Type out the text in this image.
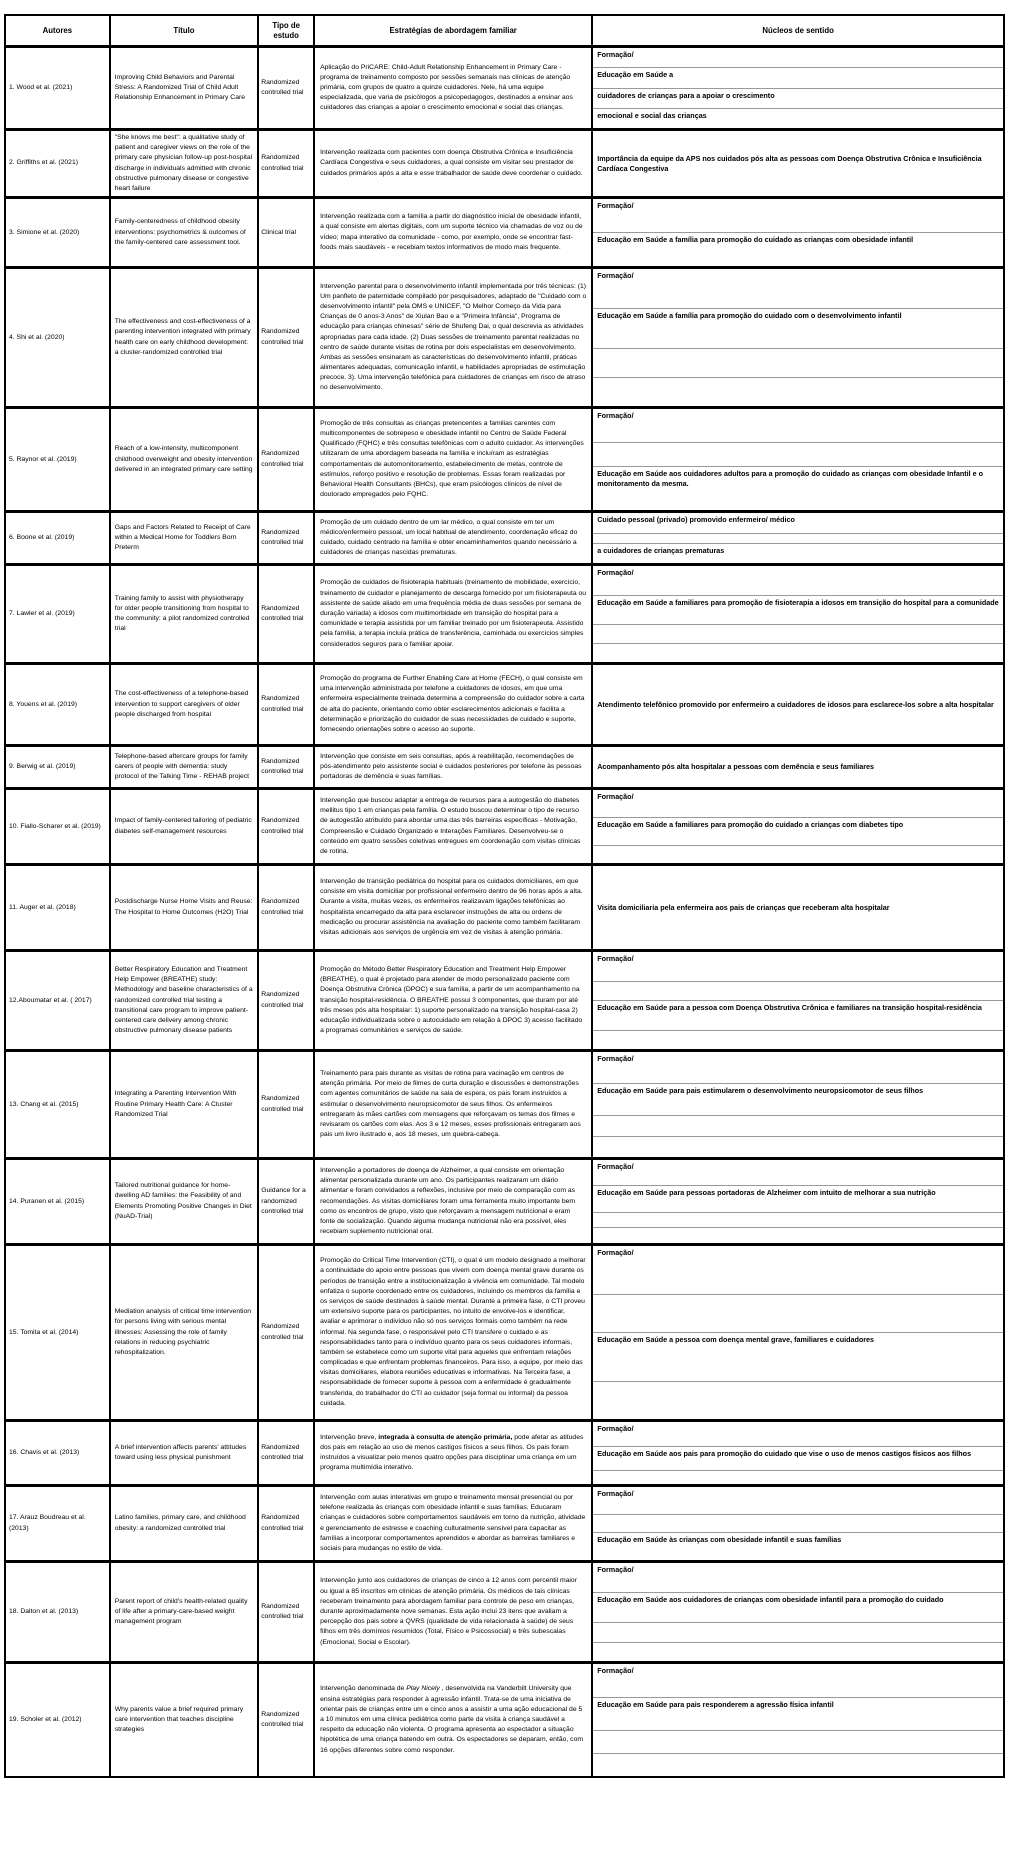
Autores	Título
Tipo de estudo
Estratégias de abordagem familiar	Núcleos de sentido
1. Wood et al. (2021)
Improving Child Behaviors and Parental Stress: A Randomized Trial of Child Adult Relationship Enhancement in Primary Care
Randomized controlled trial
Aplicação do PriCARE: Child-Adult Relationship Enhancement in Primary Care - programa de treinamento composto por sessões semanais nas clínicas de atenção primária, com grupos de quatro a quinze cuidadores. Nele, há uma equipe especializada, que varia de psicólogos a psicopedagogos, destinados a ensinar aos cuidadores das crianças a apoiar o crescimento emocional e social das crianças.
Formação/
Educação em Saúde a
cuidadores de crianças para a apoiar o crescimento
emocional e social das crianças
2. Griffiths et al. (2021)
"She knows me best": a qualitative study of patient and caregiver views on the role of the primary care physician follow-up post-hospital discharge in individuals admitted with chronic obstructive pulmonary disease or congestive heart failure
Randomized controlled trial
Intervenção realizada com pacientes com doença Obstrutiva Crônica e Insuficiência Cardíaca Congestiva e seus cuidadores, a qual consiste em visitar seu prestador de cuidados primários após a alta e esse trabalhador de saúde deve coordenar o cuidado.
Importância da equipe da APS nos cuidados pós alta as pessoas com Doença Obstrutiva Crônica e Insuficiência Cardíaca Congestiva
3. Simione et al. (2020)
Family-centeredness of childhood obesity interventions: psychometrics & outcomes of the family-centered care assessment tool.
Clinical trial
Intervenção realizada com a família a partir do diagnóstico inicial de obesidade infantil, a qual consiste em alertas digitais, com um suporte técnico via chamadas de voz ou de vídeo; mapa interativo da comunidade - como, por exemplo, onde se encontrar fast-foods mais saudáveis - e recebiam textos informativos de modo mais frequente.
Formação/
Educação em Saúde a família para promoção do cuidado as crianças com obesidade infantil
4. Shi et al. (2020)
The effectiveness and cost-effectiveness of a parenting intervention integrated with primary health care on early childhood development: a cluster-randomized controlled trial
Randomized controlled trial
Intervenção parental para o desenvolvimento infantil implementada por três técnicas: (1) Um panfleto de paternidade compilado por pesquisadores, adaptado de "Cuidado com o desenvolvimento infantil" pela OMS e UNICEF, "O Melhor Começo da Vida para Crianças de 0 anos-3 Anos" de Xiulan Bao e a "Primeira Infância", Programa de educação para crianças chinesas" série de Shufeng Dai, o qual descrevia as atividades apropriadas para cada idade. (2) Duas sessões de treinamento parental realizadas no centro de saúde durante visitas de rotina por dois especialistas em desenvolvimento. Ambas as sessões ensinaram as características do desenvolvimento infantil, práticas alimentares adequadas, comunicação infantil, e habilidades apropriadas de estimulação precoce. 3). Uma intervenção telefônica para cuidadores de crianças em risco de atraso no desenvolvimento.
Formação/
Educação em Saúde a família para promoção do cuidado com o desenvolvimento infantil
5. Raynor et al. (2019)
Reach of a low-intensity, multicomponent childhood overweight and obesity intervention delivered in an integrated primary care setting
Randomized controlled trial
Promoção de três consultas as crianças pretencentes a familias carentes com multicomponentes de sobrepeso e obesidade infantil no Centro de Saúde Federal Qualificado (FQHC) e três consultas telefônicas com o adulto cuidador. As intervenções utilizaram de uma abordagem baseada na família e incluíram as estratégias comportamentais de automonitoramento, estabelecimento de metas, controle de estímulos, reforço positivo e resolução de problemas. Essas foram realizadas por Behavioral Health Consultants (BHCs), que eram psicólogos clínicos de nível de doutorado empregados pelo FQHC.
Formação/
Educação em Saúde aos cuidadores adultos para a promoção do cuidado as crianças com obesidade Infantil e o monitoramento da mesma.
6. Boone et al. (2019)
Gaps and Factors Related to Receipt of Care within a Medical Home for Toddlers Born Preterm
Randomized controlled trial
Promoção de um cuidado dentro de um lar médico, o qual consiste em ter um médico/enfermeiro pessoal, um local habitual de atendimento, coordenação eficaz do cuidado, cuidado centrado na família e obter encaminhamentos quando necessário a cuidadores de crianças nascidas prematuras.
Cuidado pessoal (privado) promovido enfermeiro/ médico
a cuidadores de crianças prematuras
7. Lawler et al. (2019)
Training family to assist with physiotherapy for older people transitioning from hospital to the community: a pilot randomized controlled trial
Randomized controlled trial
Promoção de cuidados de fisioterapia habituais (treinamento de mobilidade, exercício, treinamento de cuidador e planejamento de descarga fornecido por um fisioterapeuta ou assistente de saúde aliado em uma frequência média de duas sessões por semana de duração variada) a idosos com multimorbidade em transição do hospital para a comunidade e terapia assistida por um familiar treinado por um fisioterapeuta. Assistido pela família, a terapia incluía prática de transferência, caminhada ou exercícios simples considerados seguros para o familiar apoiar.
Formação/
Educação em Saúde a familiares para promoção de fisioterapia a idosos em transição do hospital para a comunidade
8. Youens et al. (2019)
The cost-effectiveness of a telephone-based intervention to support caregivers of older people discharged from hospital
Randomized controlled trial
Promoção do programa de Further Enabling Care at Home (FECH), o qual consiste em uma intervenção administrada por telefone a cuidadores de idosos, em que uma enfermeira especialmente treinada determina a compreensão do cuidador sobre a carta de alta do paciente, orientando como obter esclarecimentos adicionais e facilita a determinação e priorização do cuidador de suas necessidades de cuidado e suporte, fornecendo orientações sobre o acesso ao suporte.
Atendimento telefônico promovido por enfermeiro a cuidadores de idosos para esclarece-los sobre a alta hospitalar
9. Berwig et al. (2019)
Telephone-based aftercare groups for family carers of people with dementia: study protocol of the Talking Time - REHAB project
Randomized controlled trial
Intervenção que consiste em seis consultas, após a reabilitação, recomendações de pós-atendimento pelo assistente social e cuidados posteriores por telefone às pessoas portadoras de demência e suas famílias.
Acompanhamento pós alta hospitalar a pessoas com demência e seus familiares
10. Fiallo-Scharer et al. (2019)
Impact of family-centered tailoring of pediatric diabetes self-management resources
Randomized controlled trial
Intervenção que buscou adaptar a entrega de recursos para a autogestão do diabetes mellitus tipo 1 em crianças pela família. O estudo buscou determinar o tipo de recurso de autogestão atribuído para abordar uma das três barreiras específicas - Motivação, Compreensão e Cuidado Organizado e Interações Familiares. Desenvolveu-se o conteúdo em quatro sessões coletivas entregues em coordenação com visitas clínicas de rotina.
Formação/
Educação em Saúde a familiares para promoção do cuidado a crianças com diabetes tipo
11. Auger et al. (2018)
Postdischarge Nurse Home Visits and Reuse: The Hospital to Home Outcomes (H2O) Trial
Randomized controlled trial
Intervenção de transição pediátrica do hospital para os cuidados domiciliares, em que consiste em visita domiciliar por profissional enfermeiro dentro de 96 horas após a alta. Durante a visita, muitas vezes, os enfermeiros realizavam ligações telefônicas ao hospitalista encarregado da alta para esclarecer instruções de alta ou ordens de medicação ou procurar assistência na avaliação do paciente como também facilitaram visitas adicionais aos serviços de urgência em vez de visitas à atenção primária.
Visita domiciliaria pela enfermeira aos pais de crianças que receberam alta hospitalar
12.Aboumatar et al. ( 2017)
Better Respiratory Education and Treatment Help Empower (BREATHE) study: Methodology and baseline characteristics of a randomized controlled trial testing a transitional care program to improve patient-centered care delivery among chronic obstructive pulmonary disease patients
Randomized controlled trial
Promoção do Método Better Respiratory Education and Treatment Help Empower (BREATHE), o qual é projetado para atender de modo personalizado paciente com Doença Obstrutiva Crônica (DPOC) e sua família, a partir de um acompanhamento na transição hospital-residência. O BREATHE possui 3 componentes, que duram por até três meses pós alta hospitalar: 1) suporte personalizado na transição hospital-casa 2) educação individualizada sobre o autocuidado em relação à DPOC 3) acesso facilitado a programas comunitários e serviços de saúde.
Formação/
Educação em Saúde para a pessoa com Doença Obstrutiva Crônica e familiares na transição hospital-residência
13. Chang et al. (2015)
Integrating a Parenting Intervention With Routine Primary Health Care: A Cluster Randomized Trial
Randomized controlled trial
Treinamento para pais durante as visitas de rotina para vacinação em centros de atenção primária. Por meio de filmes de curta duração e discussões e demonstrações com agentes comunitários de saúde na sala de espera, os pais foram instruídos a estimular o desenvolvimento neuropsicomotor de seus filhos. Os enfermeiros entregaram às mães cartões com mensagens que reforçavam os temas dos filmes e revisaram os cartões com elas. Aos 3 e 12 meses, esses profissionais entregaram aos pais um livro ilustrado e, aos 18 meses, um quebra-cabeça.
Formação/
Educação em Saúde para pais estimularem o desenvolvimento neuropsicomotor de seus filhos
14. Puranen et al. (2015)
Tailored nutritional guidance for home-dwelling AD families: the Feasibility of and Elements Promoting Positive Changes in Diet (NuAD-Trial)
Guidance for a randomized controlled trial
Intervenção a portadores de doença de Alzheimer, a qual consiste em orientação alimentar personalizada durante um ano. Os participantes realizaram um diário alimentar e foram convidados a reflexões, inclusive por meio de comparação com as recomendações. As visitas domiciliares foram uma ferramenta muito importante bem como os encontros de grupo, visto que reforçavam a mensagem nutricional e eram fonte de socialização. Quando alguma mudança nutricional não era possível, eles recebiam suplemento nutricional oral.
Formação/
Educação em Saúde para pessoas portadoras de Alzheimer com intuito de melhorar a sua nutrição
15. Tomita et al. (2014)
Mediation analysis of critical time intervention for persons living with serious mental illnesses: Assessing the role of family relations in reducing psychiatric rehospitalization.
Randomized controlled trial
Promoção do Critical Time Intervention (CTI), o qual é um modelo designado a melhorar a continuidade do apoio entre pessoas que vivem com doença mental grave durante os períodos de transição entre a institucionalização à vivência em comunidade. Tal modelo enfatiza o suporte coordenado entre os cuidadores, incluindo os membros da família e os serviços de saúde destinados à saúde mental. Durante a primeira fase, o CTI proveu um extensivo suporte para os participantes, no intuito de envolve-los e identificar, avaliar e aprimorar o indivíduo não só nos serviços formais como também na rede informal. Na segunda fase, o responsável pelo CTI transfere o cuidado e as responsabilidades tanto para o indivíduo quanto para os seus cuidadores informais, também se estabelece como um suporte vital para aqueles que enfrentam relações complicadas e que enfrentam problemas financeiros. Para isso, a equipe, por meio das visitas domiciliares, elabora reuniões educativas e informativas. Na Terceira fase, a responsabilidade de fornecer suporte à pessoa com a enfermidade é gradualmente transferida, do trabalhador do CTI ao cuidador (seja formal ou informal) da pessoa cuidada.
Formação/
Educação em Saúde a pessoa com doença mental grave, familiares e cuidadores
16. Chavis et al. (2013)
A brief intervention affects parents' attitudes toward using less physical punishment
Randomized controlled trial
Intervenção breve, integrada à consulta de atenção primária, pode afetar as atitudes dos pais em relação ao uso de menos castigos físicos a seus filhos. Os pais foram instruídos a visualizar pelo menos quatro opções para disciplinar uma criança em um programa multimídia interativo.
Formação/
Educação em Saúde aos pais para promoção do cuidado que vise o uso de menos castigos físicos aos filhos
17. Arauz Boudreau et al. (2013)
Latino families, primary care, and childhood obesity: a randomized controlled trial
Randomized controlled trial
Intervenção com aulas interativas em grupo e treinamento mensal presencial ou por telefone realizada às crianças com obesidade infantil e suas famílias. Educaram crianças e cuidadores sobre comportamentos saudáveis em torno da nutrição, atividade e gerenciamento de estresse e coaching culturalmente sensível para capacitar as famílias a incorporar comportamentos aprendidos e abordar as barreiras familiares e sociais para mudanças no estilo de vida.
Formação/
Educação em Saúde às crianças com obesidade infantil e suas famílias
18. Dalton et al. (2013)
Parent report of child's health-related quality of life after a primary-care-based weight management program
Randomized controlled trial
Intervenção junto aos cuidadores de crianças de cinco a 12 anos com percentil maior ou igual a 85 inscritos em clínicas de atenção primária. Os médicos de tais clínicas receberam treinamento para abordagem familiar para controle de peso em crianças, durante aproximadamente nove semanas. Esta ação inclui 23 itens que avaliam a percepção dos pais sobre a QVRS (qualidade de vida relacionada à saúde) de seus filhos em três domínios resumidos (Total, Físico e Psicossocial) e três subescalas (Emocional, Social e Escolar).
Formação/
Educação em Saúde aos cuidadores de crianças com obesidade infantil para a promoção do cuidado
19. Scholer et al. (2012)
Why parents value a brief required primary care intervention that teaches discipline strategies
Randomized controlled trial
Intervenção denominada de Play Nicely , desenvolvida na Vanderbilt University que ensina estratégias para responder à agressão infantil. Trata-se de uma iniciativa de orientar pais de crianças entre um e cinco anos a assistir a uma ação educacional de 5 a 10 minutos em uma clínica pediátrica como parte da visita à criança saudável a respeito da educação não violenta. O programa apresenta ao espectador a situação hipotética de uma criança batendo em outra. Os espectadores se deparam, então, com 16 opções diferentes sobre como responder.
Formação/
Educação em Saúde para pais responderem a agressão física infantil
